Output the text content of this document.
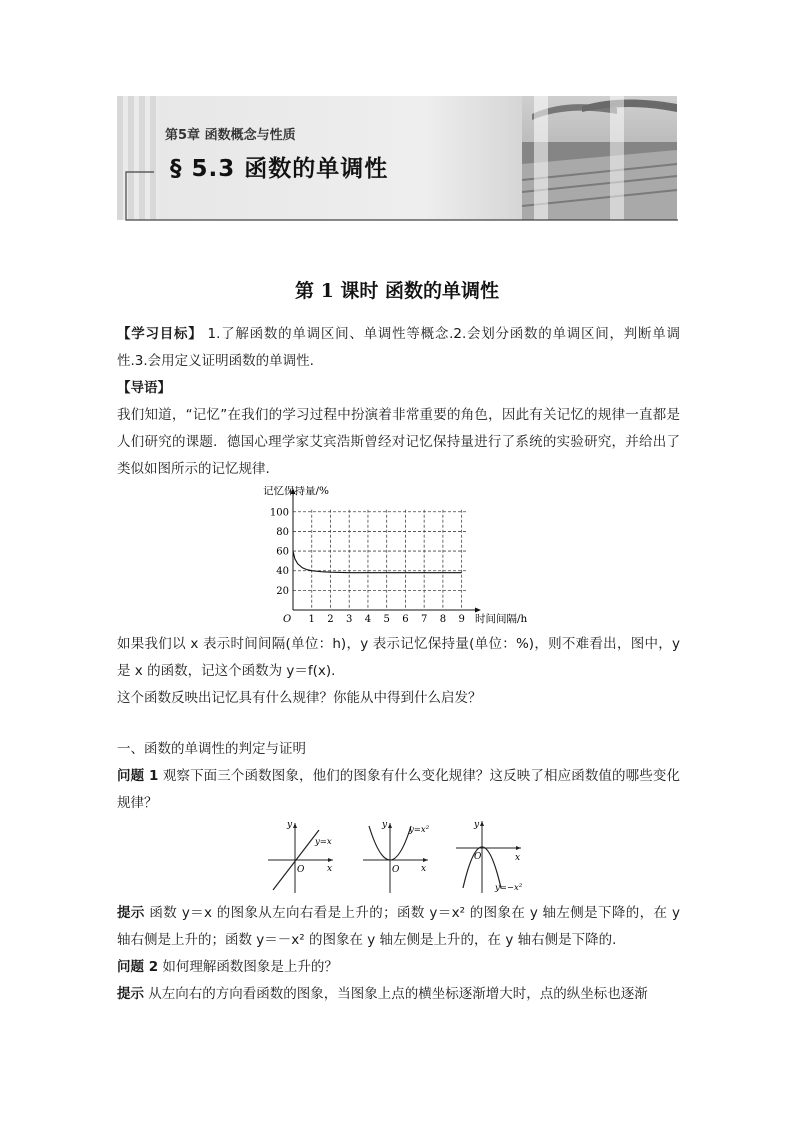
第5章 函数概念与性质
§ 5.3 函数的单调性
第 1 课时 函数的单调性

【学习目标】 1.了解函数的单调区间、单调性等概念.2.会划分函数的单调区间，判断单调性.3.会用定义证明函数的单调性.

【导语】

我们知道，“记忆”在我们的学习过程中扮演着非常重要的角色，因此有关记忆的规律一直都是人们研究的课题．德国心理学家艾宾浩斯曾经对记忆保持量进行了系统的实验研究，并给出了类似如图所示的记忆规律.

1 2 3 4 5 6 7 8 9
20
40
60
80
100
O
记忆保持量/%
时间间隔/h

如果我们以 x 表示时间间隔(单位：h)，y 表示记忆保持量(单位：%)，则不难看出，图中，y 是 x 的函数，记这个函数为 y＝f(x).

这个函数反映出记忆具有什么规律？你能从中得到什么启发？

一、函数的单调性的判定与证明

问题 1 观察下面三个函数图象，他们的图象有什么变化规律？这反映了相应函数值的哪些变化规律？

y
x
O
y=x
y
x
O
y=x²	y
x
O
y=−x²

提示 函数 y＝x 的图象从左向右看是上升的；函数 y＝x² 的图象在 y 轴左侧是下降的，在 y 轴右侧是上升的；函数 y＝－x² 的图象在 y 轴左侧是上升的，在 y 轴右侧是下降的.

问题 2 如何理解函数图象是上升的？

提示 从左向右的方向看函数的图象，当图象上点的横坐标逐渐增大时，点的纵坐标也逐渐
